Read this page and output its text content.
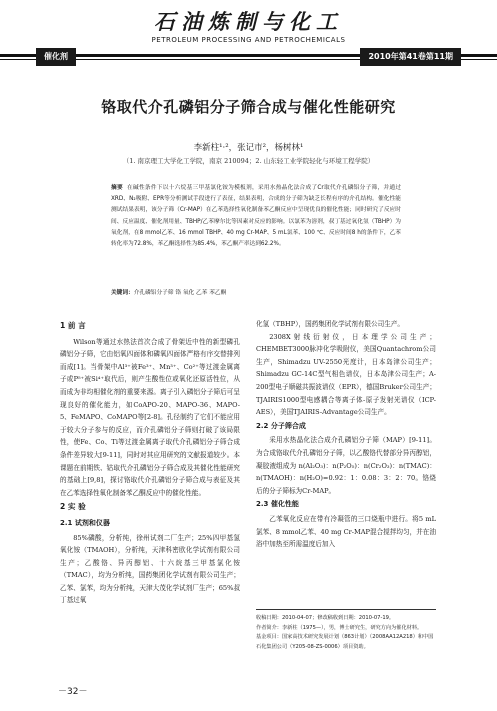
石油炼制与化工
PETROLEUM PROCESSING AND PETROCHEMICALS
催化剂	2010年第41卷第11期
铬取代介孔磷铝分子筛合成与催化性能研究
李新柱¹·²，张记市²，杨树林¹
（1. 南京理工大学化工学院，南京 210094；2. 山东轻工业学院轻化与环境工程学院）
摘要 在碱性条件下以十六烷基三甲基氯化铵为模板剂，采用水热晶化法合成了Cr取代介孔磷铝分子筛，并通过XRD、N₂吸附、EPR等分析测试手段进行了表征，结果表明，合成的分子筛为缺乏长程有序的介孔结构。催化性能测试结果表明，该分子筛（Cr-MAP）在乙苯选择性氧化制备苯乙酮反应中呈现优良的催化性能；同时研究了反应时间、反应温度、催化剂用量、TBHP/乙苯摩尔比等因素对反应的影响。以氯苯为溶剂，叔丁基过氧化氢（TBHP）为氧化剂，在8 mmol乙苯、16 mmol TBHP、40 mg Cr-MAP、5 mL氯苯、100 ℃、反应时间8 h的条件下，乙苯转化率为72.8%，苯乙酮选择性为85.4%，苯乙酮产率达到62.2%。
关键词：介孔磷铝分子筛 铬 氧化 乙苯 苯乙酮
1 前 言
Wilson等通过水热法首次合成了骨架近中性的新型磷孔磷铝分子筛，它由铝氧四面体和磷氧四面体严格有序交替排列而成[1]。当骨架中Al³⁺被Fe³⁺、Mn³⁺、Co²⁺等过渡金属离子或P⁵⁺被Si⁴⁺取代后，则产生酸性位或氧化还原活性位，从而成为非均相催化剂的重要来源。离子引入磷铝分子筛后可呈现良好的催化能力，如CoAPO-20、MAPO-36、MAPO-5、FeMAPO、CoMAPO等[2-8]。孔径制约了它们不能应用于较大分子参与的反应，而介孔磷铝分子筛则打破了该局限性，使Fe、Co、Ti等过渡金属离子取代介孔磷铝分子筛合成条件差异较大[9-11]，同时对其应用研究的文献报道较少。本课题在前期铁、钴取代介孔磷铝分子筛合成及其催化性能研究的基础上[9,8]，探讨铬取代介孔磷铝分子筛合成与表征及其在乙苯选择性氧化制备苯乙酮反应中的催化性能。
2 实 验
2.1 试剂和仪器
85%磷酸，分析纯，徐州试剂二厂生产；25%四甲基氢氧化铵（TMAOH），分析纯，天津科密欧化学试剂有限公司生产；乙酸铬、异丙醇铝、十六烷基三甲基氯化铵（TMAC），均为分析纯，国药集团化学试剂有限公司生产；乙苯、氯苯，均为分析纯，天津大茂化学试剂厂生产；65%叔丁基过氧
化氢（TBHP），国药集团化学试剂有限公司生产。
2308X射线衍射仪，日本理学公司生产；CHEMBET3000脉冲化学吸附仪，美国Quantachrom公司生产，Shimadzu UV-2550光度计，日本岛津公司生产；Shimadzu GC-14C型气相色谱仪，日本岛津公司生产；A-200型电子顺磁共振波谱仪（EPR），德国Bruker公司生产；TJAIRIS1000型电感耦合等离子体-原子发射光谱仪（ICP-AES），美国TJAIRIS-Advantage公司生产。
2.2 分子筛合成
采用水热晶化法合成介孔磷铝分子筛（MAP）[9-11]。为合成铬取代介孔磷铝分子筛，以乙酸铬代替部分异丙醇铝，凝胶液组成为 n(Al₂O₃)：n(P₂O₅)：n(Cr₂O₃)：n(TMAC)：n(TMAOH)：n(H₂O)=0.92：1：0.08：3：2：70。铬烧后的分子筛标为Cr-MAP。
2.3 催化性能
乙苯氧化反应在带有冷凝管的三口烧瓶中进行。将5 mL氯苯、8 mmol乙苯、40 mg Cr-MAP混合搅拌均匀，并在油浴中加热至所需温度后加入
收稿日期：2010-04-07；修改稿收到日期：2010-07-19。
作者简介：李新柱（1975—），男，博士研究生，研究方向为催化材料。
基金项目：国家高技术研究发展计划（863计划）（2008AA12A218）和中国石化集团公司（Y205-08-ZS-0006）项目资助。
－32－
